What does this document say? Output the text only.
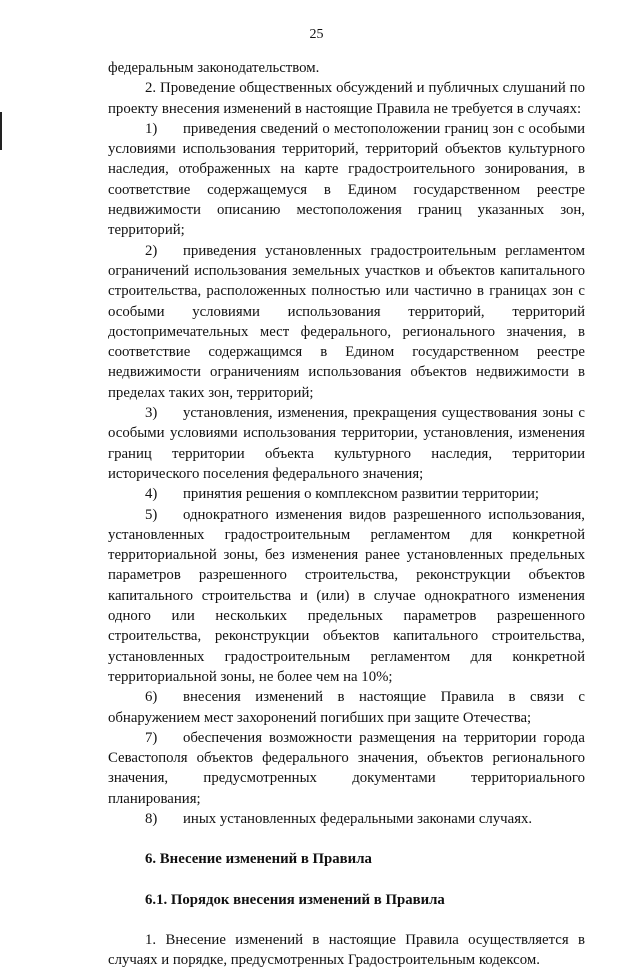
25

федеральным законодательством.

2. Проведение общественных обсуждений и публичных слушаний по проекту внесения изменений в настоящие Правила не требуется в случаях:

1) приведения сведений о местоположении границ зон с особыми условиями использования территорий, территорий объектов культурного наследия, отображенных на карте градостроительного зонирования, в соответствие содержащемуся в Едином государственном реестре недвижимости описанию местоположения границ указанных зон, территорий;

2) приведения установленных градостроительным регламентом ограничений использования земельных участков и объектов капитального строительства, расположенных полностью или частично в границах зон с особыми условиями использования территорий, территорий достопримечательных мест федерального, регионального значения, в соответствие содержащимся в Едином государственном реестре недвижимости ограничениям использования объектов недвижимости в пределах таких зон, территорий;

3) установления, изменения, прекращения существования зоны с особыми условиями использования территории, установления, изменения границ территории объекта культурного наследия, территории исторического поселения федерального значения;

4) принятия решения о комплексном развитии территории;

5) однократного изменения видов разрешенного использования, установленных градостроительным регламентом для конкретной территориальной зоны, без изменения ранее установленных предельных параметров разрешенного строительства, реконструкции объектов капитального строительства и (или) в случае однократного изменения одного или нескольких предельных параметров разрешенного строительства, реконструкции объектов капитального строительства, установленных градостроительным регламентом для конкретной территориальной зоны, не более чем на 10%;

6) внесения изменений в настоящие Правила в связи с обнаружением мест захоронений погибших при защите Отечества;

7) обеспечения возможности размещения на территории города Севастополя объектов федерального значения, объектов регионального значения, предусмотренных документами территориального планирования;

8) иных установленных федеральными законами случаях.

6. Внесение изменений в Правила

6.1. Порядок внесения изменений в Правила

1. Внесение изменений в настоящие Правила осуществляется в случаях и порядке, предусмотренных Градостроительным кодексом.
